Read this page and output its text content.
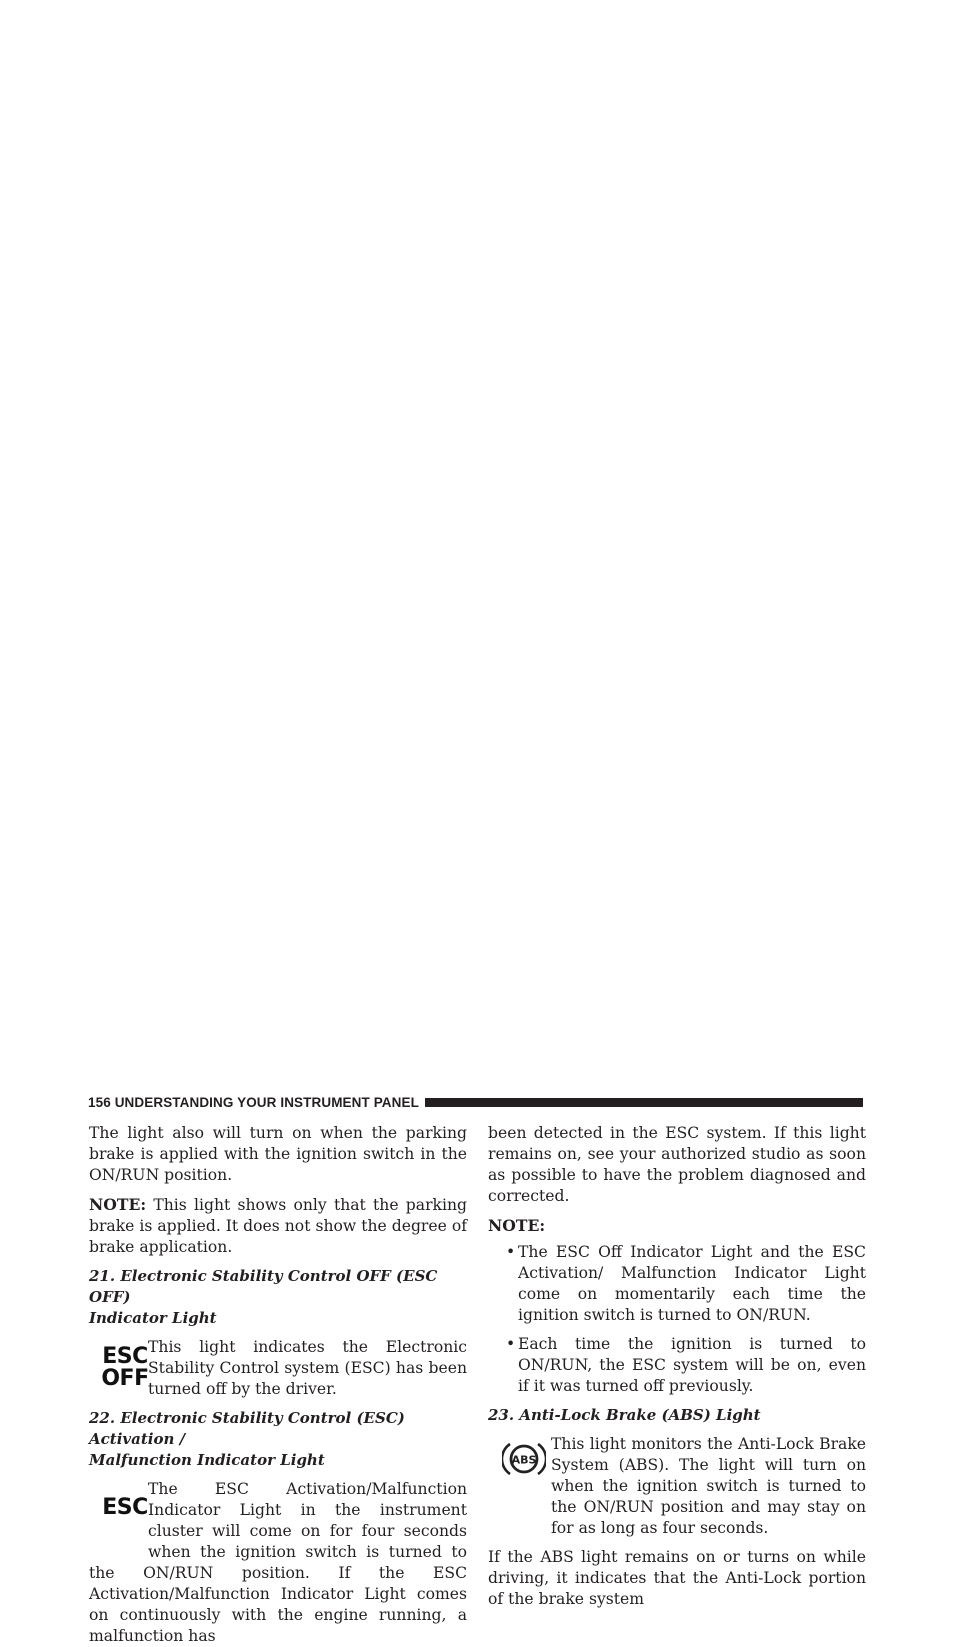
156 UNDERSTANDING YOUR INSTRUMENT PANEL

The light also will turn on when the parking brake is applied with the ignition switch in the ON/RUN position.

NOTE: This light shows only that the parking brake is applied. It does not show the degree of brake application.

21. Electronic Stability Control OFF (ESC OFF)
Indicator Light
ESC
OFF

This light indicates the Electronic Stability Control system (ESC) has been turned off by the driver.

22. Electronic Stability Control (ESC) Activation /
Malfunction Indicator Light
ESC

The ESC Activation/Malfunction Indicator Light in the instrument cluster will come on for four seconds when the ignition switch is turned to the ON/RUN position. If the ESC Activation/Malfunction Indicator Light comes on continuously with the engine running, a malfunction has

been detected in the ESC system. If this light remains on, see your authorized studio as soon as possible to have the problem diagnosed and corrected.

NOTE:

• The ESC Off Indicator Light and the ESC Activation/ Malfunction Indicator Light come on momentarily each time the ignition switch is turned to ON/RUN.
• Each time the ignition is turned to ON/RUN, the ESC system will be on, even if it was turned off previously.
23. Anti-Lock Brake (ABS) Light
ABS

This light monitors the Anti-Lock Brake System (ABS). The light will turn on when the ignition switch is turned to the ON/RUN position and may stay on for as long as four seconds.

If the ABS light remains on or turns on while driving, it indicates that the Anti-Lock portion of the brake system
